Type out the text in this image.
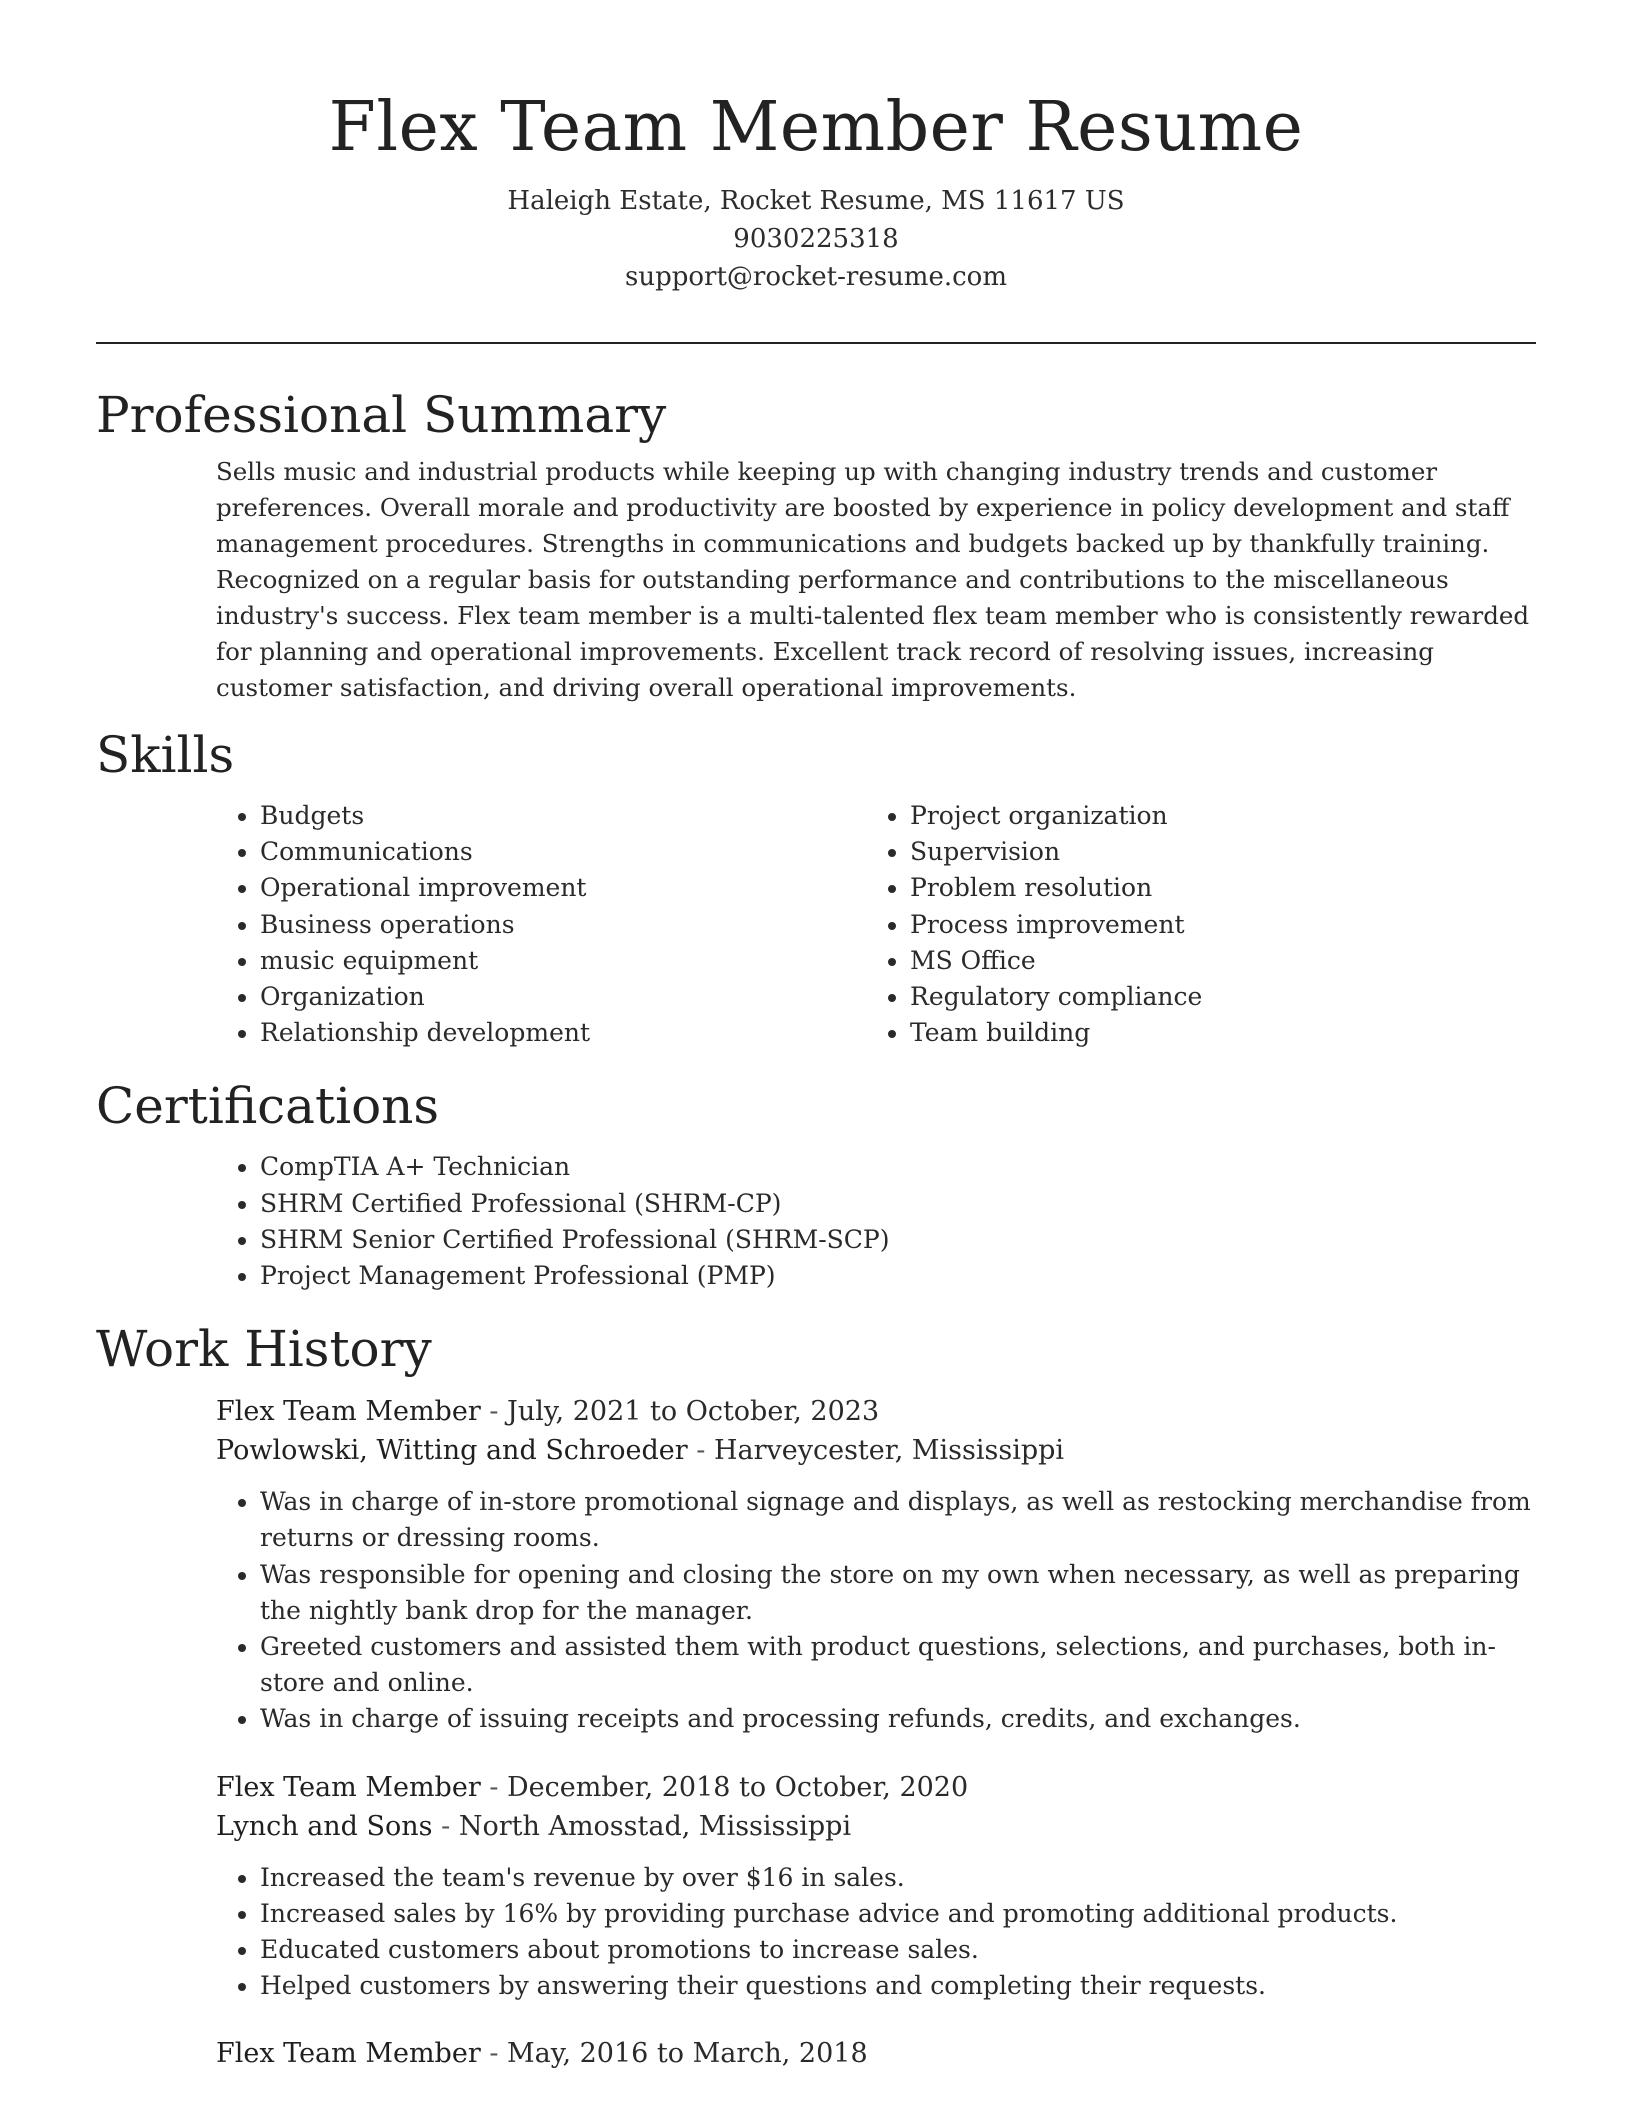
Flex Team Member Resume
Haleigh Estate, Rocket Resume, MS 11617 US
9030225318
support@rocket-resume.com
Professional Summary

Sells music and industrial products while keeping up with changing industry trends and customer preferences. Overall morale and productivity are boosted by experience in policy development and staff management procedures. Strengths in communications and budgets backed up by thankfully training. Recognized on a regular basis for outstanding performance and contributions to the miscellaneous industry's success. Flex team member is a multi-talented flex team member who is consistently rewarded for planning and operational improvements. Excellent track record of resolving issues, increasing customer satisfaction, and driving overall operational improvements.

Skills
• Budgets
• Communications
• Operational improvement
• Business operations
• music equipment
• Organization
• Relationship development
• Project organization
• Supervision
• Problem resolution
• Process improvement
• MS Office
• Regulatory compliance
• Team building
Certifications
• CompTIA A+ Technician
• SHRM Certified Professional (SHRM-CP)
• SHRM Senior Certified Professional (SHRM-SCP)
• Project Management Professional (PMP)
Work History
Flex Team Member - July, 2021 to October, 2023
Powlowski, Witting and Schroeder - Harveycester, Mississippi
• Was in charge of in-store promotional signage and displays, as well as restocking merchandise from returns or dressing rooms.
• Was responsible for opening and closing the store on my own when necessary, as well as preparing the nightly bank drop for the manager.
• Greeted customers and assisted them with product questions, selections, and purchases, both in-store and online.
• Was in charge of issuing receipts and processing refunds, credits, and exchanges.
Flex Team Member - December, 2018 to October, 2020
Lynch and Sons - North Amosstad, Mississippi
• Increased the team's revenue by over $16 in sales.
• Increased sales by 16% by providing purchase advice and promoting additional products.
• Educated customers about promotions to increase sales.
• Helped customers by answering their questions and completing their requests.
Flex Team Member - May, 2016 to March, 2018
